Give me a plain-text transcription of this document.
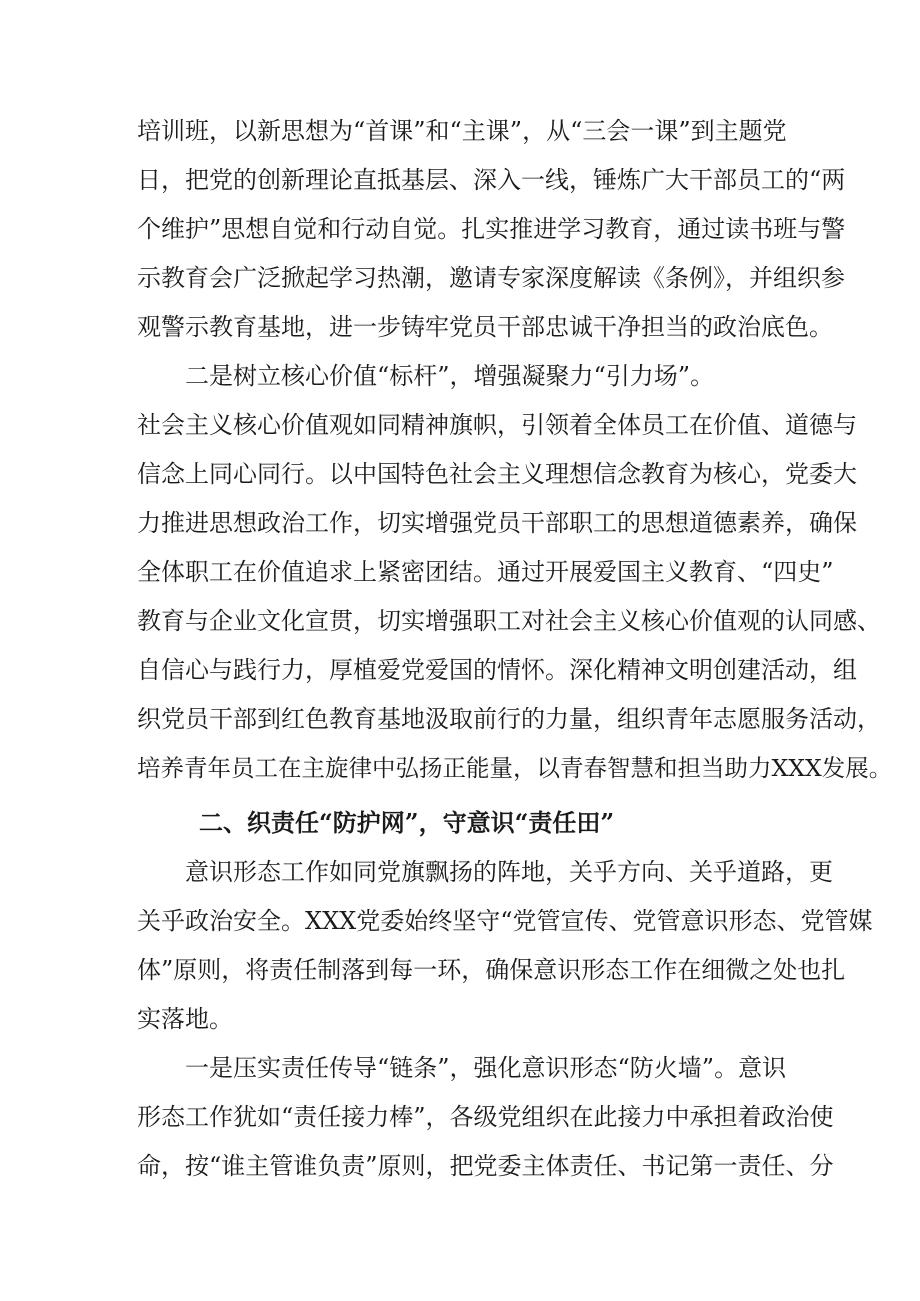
培训班，以新思想为“首课”和“主课”，从“三会一课”到主题党
日，把党的创新理论直抵基层、深入一线，锤炼广大干部员工的“两
个维护”思想自觉和行动自觉。扎实推进学习教育，通过读书班与警
示教育会广泛掀起学习热潮，邀请专家深度解读《条例》，并组织参
观警示教育基地，进一步铸牢党员干部忠诚干净担当的政治底色。
二是树立核心价值“标杆”，增强凝聚力“引力场”。
社会主义核心价值观如同精神旗帜，引领着全体员工在价值、道德与
信念上同心同行。以中国特色社会主义理想信念教育为核心，党委大
力推进思想政治工作，切实增强党员干部职工的思想道德素养，确保
全体职工在价值追求上紧密团结。通过开展爱国主义教育、“四史”
教育与企业文化宣贯，切实增强职工对社会主义核心价值观的认同感、
自信心与践行力，厚植爱党爱国的情怀。深化精神文明创建活动，组
织党员干部到红色教育基地汲取前行的力量，组织青年志愿服务活动，
培养青年员工在主旋律中弘扬正能量，以青春智慧和担当助力XXX发展。
二、织责任“防护网”，守意识“责任田”
意识形态工作如同党旗飘扬的阵地，关乎方向、关乎道路，更
关乎政治安全。XXX党委始终坚守“党管宣传、党管意识形态、党管媒
体”原则，将责任制落到每一环，确保意识形态工作在细微之处也扎
实落地。
一是压实责任传导“链条”，强化意识形态“防火墙”。意识
形态工作犹如“责任接力棒”，各级党组织在此接力中承担着政治使
命，按“谁主管谁负责”原则，把党委主体责任、书记第一责任、分
